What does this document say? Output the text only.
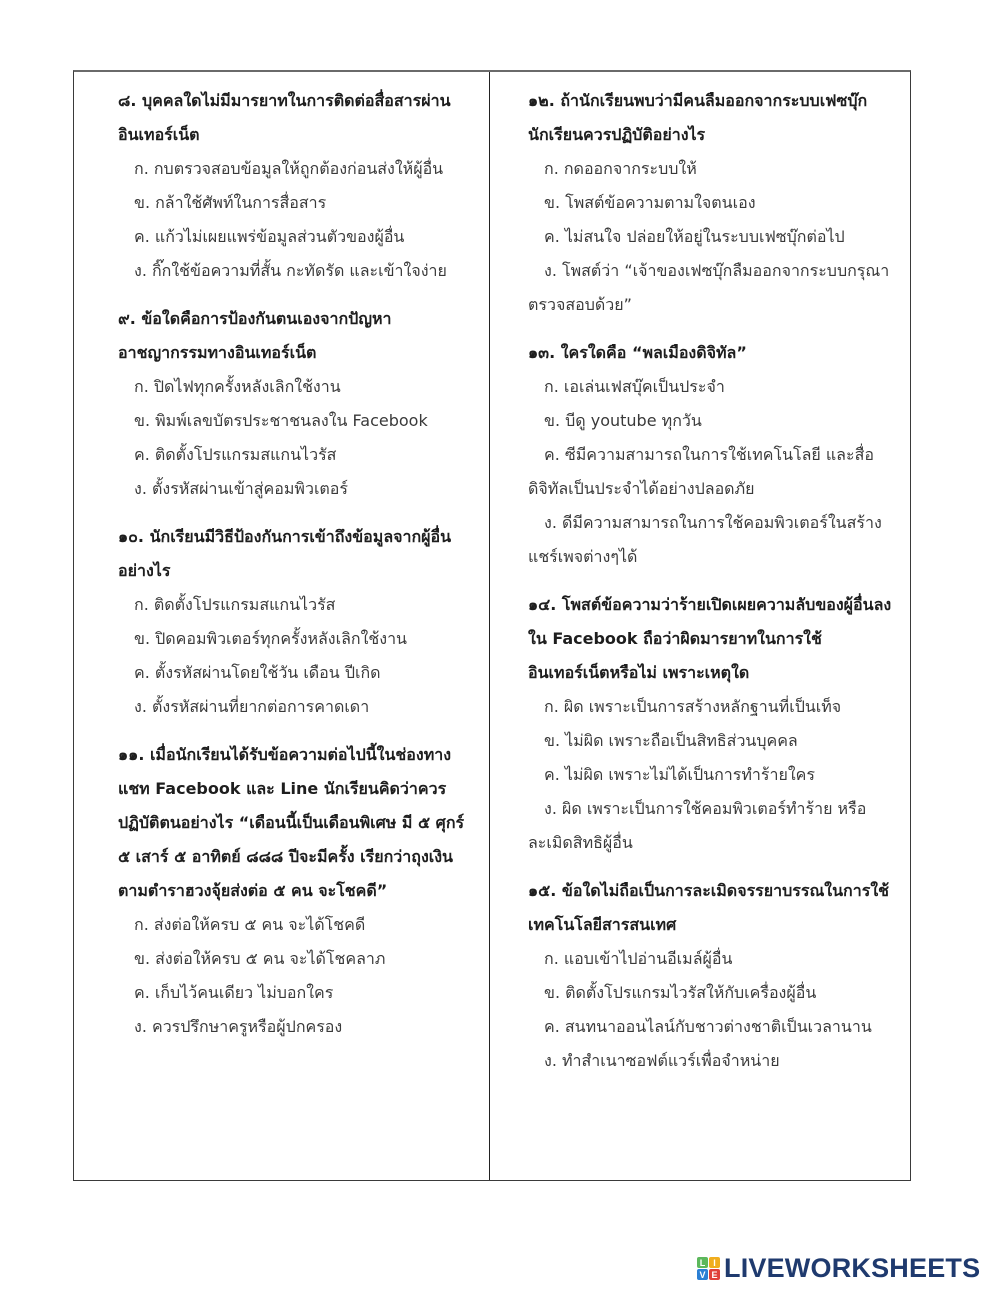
๘. บุคคลใดไม่มีมารยาทในการติดต่อสื่อสารผ่านอินเทอร์เน็ต
ก. กบตรวจสอบข้อมูลให้ถูกต้องก่อนส่งให้ผู้อื่น
ข. กล้าใช้ศัพท์ในการสื่อสาร
ค. แก้วไม่เผยแพร่ข้อมูลส่วนตัวของผู้อื่น
ง. กิ๊กใช้ข้อความที่สั้น กะทัดรัด และเข้าใจง่าย
๙. ข้อใดคือการป้องกันตนเองจากปัญหาอาชญากรรมทางอินเทอร์เน็ต
ก. ปิดไฟทุกครั้งหลังเลิกใช้งาน
ข. พิมพ์เลขบัตรประชาชนลงใน Facebook
ค. ติดตั้งโปรแกรมสแกนไวรัส
ง. ตั้งรหัสผ่านเข้าสู่คอมพิวเตอร์
๑๐. นักเรียนมีวิธีป้องกันการเข้าถึงข้อมูลจากผู้อื่นอย่างไร
ก. ติดตั้งโปรแกรมสแกนไวรัส
ข. ปิดคอมพิวเตอร์ทุกครั้งหลังเลิกใช้งาน
ค. ตั้งรหัสผ่านโดยใช้วัน เดือน ปีเกิด
ง. ตั้งรหัสผ่านที่ยากต่อการคาดเดา
๑๑. เมื่อนักเรียนได้รับข้อความต่อไปนี้ในช่องทางแชท Facebook และ Line นักเรียนคิดว่าควรปฏิบัติตนอย่างไร “เดือนนี้เป็นเดือนพิเศษ มี ๕ ศุกร์ ๕ เสาร์ ๕ อาทิตย์ ๘๘๘ ปีจะมีครั้ง เรียกว่าถุงเงิน ตามตำราฮวงจุ้ยส่งต่อ ๕ คน จะโชคดี”
ก. ส่งต่อให้ครบ ๕ คน จะได้โชคดี
ข. ส่งต่อให้ครบ ๕ คน จะได้โชคลาภ
ค. เก็บไว้คนเดียว ไม่บอกใคร
ง. ควรปรึกษาครูหรือผู้ปกครอง
๑๒. ถ้านักเรียนพบว่ามีคนลืมออกจากระบบเฟซบุ๊ก นักเรียนควรปฏิบัติอย่างไร
ก. กดออกจากระบบให้
ข. โพสต์ข้อความตามใจตนเอง
ค. ไม่สนใจ ปล่อยให้อยู่ในระบบเฟซบุ๊กต่อไป
ง. โพสต์ว่า “เจ้าของเฟซบุ๊กลืมออกจากระบบกรุณาตรวจสอบด้วย”
๑๓. ใครใดคือ “พลเมืองดิจิทัล”
ก. เอเล่นเฟสบุ๊คเป็นประจำ
ข. บีดู youtube ทุกวัน
ค. ซีมีความสามารถในการใช้เทคโนโลยี และสื่อดิจิทัลเป็นประจำได้อย่างปลอดภัย
ง. ดีมีความสามารถในการใช้คอมพิวเตอร์ในสร้างแชร์เพจต่างๆได้
๑๔. โพสต์ข้อความว่าร้ายเปิดเผยความลับของผู้อื่นลงใน Facebook ถือว่าผิดมารยาทในการใช้อินเทอร์เน็ตหรือไม่ เพราะเหตุใด
ก. ผิด เพราะเป็นการสร้างหลักฐานที่เป็นเท็จ
ข. ไม่ผิด เพราะถือเป็นสิทธิส่วนบุคคล
ค. ไม่ผิด เพราะไม่ได้เป็นการทำร้ายใคร
ง. ผิด เพราะเป็นการใช้คอมพิวเตอร์ทำร้าย หรือละเมิดสิทธิผู้อื่น
๑๕. ข้อใดไม่ถือเป็นการละเมิดจรรยาบรรณในการใช้เทคโนโลยีสารสนเทศ
ก. แอบเข้าไปอ่านอีเมล์ผู้อื่น
ข. ติดตั้งโปรแกรมไวรัสให้กับเครื่องผู้อื่น
ค. สนทนาออนไลน์กับชาวต่างชาติเป็นเวลานาน
ง. ทำสำเนาซอฟต์แวร์เพื่อจำหน่าย
L I
V E LIVEWORKSHEETS
